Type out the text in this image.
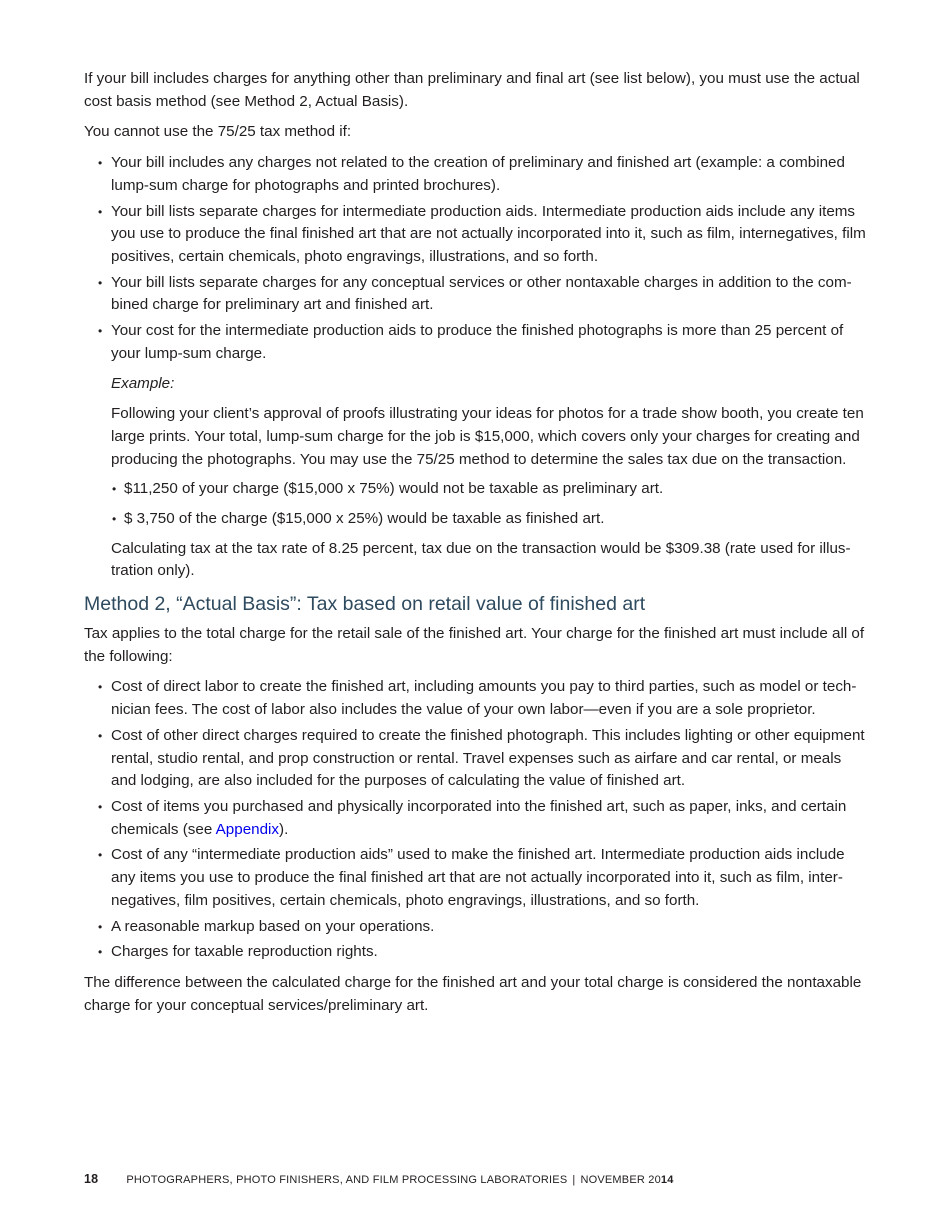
If your bill includes charges for anything other than preliminary and final art (see list below), you must use the actual cost basis method (see Method 2, Actual Basis).

You cannot use the 75/25 tax method if:

• Your bill includes any charges not related to the creation of preliminary and finished art (example: a combined lump-sum charge for photographs and printed brochures).
• Your bill lists separate charges for intermediate production aids. Intermediate production aids include any items you use to produce the final finished art that are not actually incorporated into it, such as film, internegatives, film positives, certain chemicals, photo engravings, illustrations, and so forth.
• Your bill lists separate charges for any conceptual services or other nontaxable charges in addition to the combined charge for preliminary art and finished art.
• Your cost for the intermediate production aids to produce the finished photographs is more than 25 percent of your lump-sum charge.

Example:

Following your client’s approval of proofs illustrating your ideas for photos for a trade show booth, you create ten large prints. Your total, lump-sum charge for the job is $15,000, which covers only your charges for creating and producing the photographs. You may use the 75/25 method to determine the sales tax due on the transaction.

• $11,250 of your charge ($15,000 x 75%) would not be taxable as preliminary art.
• $ 3,750 of the charge ($15,000 x 25%) would be taxable as finished art.

Calculating tax at the tax rate of 8.25 percent, tax due on the transaction would be $309.38 (rate used for illustration only).

Method 2, “Actual Basis”: Tax based on retail value of finished art

Tax applies to the total charge for the retail sale of the finished art. Your charge for the finished art must include all of the following:

• Cost of direct labor to create the finished art, including amounts you pay to third parties, such as model or technician fees. The cost of labor also includes the value of your own labor—even if you are a sole proprietor.
• Cost of other direct charges required to create the finished photograph. This includes lighting or other equipment rental, studio rental, and prop construction or rental. Travel expenses such as airfare and car rental, or meals and lodging, are also included for the purposes of calculating the value of finished art.
• Cost of items you purchased and physically incorporated into the finished art, such as paper, inks, and certain chemicals (see Appendix).
• Cost of any “intermediate production aids” used to make the finished art. Intermediate production aids include any items you use to produce the final finished art that are not actually incorporated into it, such as film, internegatives, film positives, certain chemicals, photo engravings, illustrations, and so forth.
• A reasonable markup based on your operations.
• Charges for taxable reproduction rights.

The difference between the calculated charge for the finished art and your total charge is considered the nontaxable charge for your conceptual services/preliminary art.

18	PHOTOGRAPHERS, PHOTO FINISHERS, AND FILM PROCESSING LABORATORIES | NOVEMBER 2014
